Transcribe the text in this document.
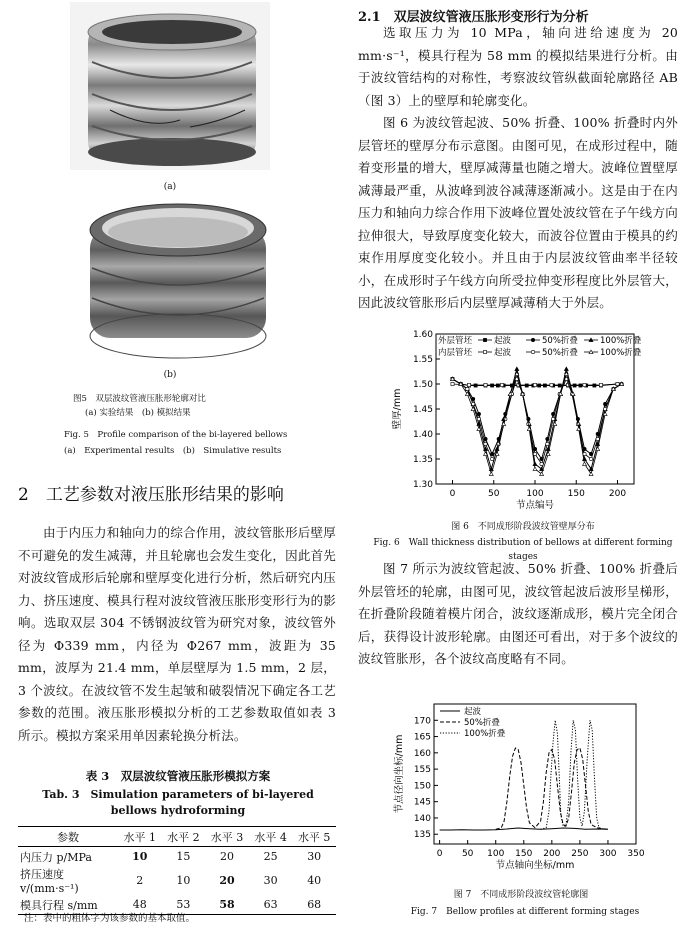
(a)
(b)
图5　双层波纹管液压胀形轮廓对比
(a) 实验结果　(b) 模拟结果
Fig. 5　Profile comparison of the bi-layered bellows
(a)　Experimental results　(b)　Simulative results
2　工艺参数对液压胀形结果的影响
由于内压力和轴向力的综合作用，波纹管胀形后壁厚不可避免的发生减薄，并且轮廓也会发生变化，因此首先对波纹管成形后轮廓和壁厚变化进行分析，然后研究内压力、挤压速度、模具行程对波纹管液压胀形变形行为的影响。选取双层 304 不锈钢波纹管为研究对象，波纹管外径为 Φ339 mm，内径为 Φ267 mm，波距为 35 mm，波厚为 21.4 mm，单层壁厚为 1.5 mm，2 层，3 个波纹。在波纹管不发生起皱和破裂情况下确定各工艺参数的范围。液压胀形模拟分析的工艺参数取值如表 3 所示。模拟方案采用单因素轮换分析法。
表 3　双层波纹管液压胀形模拟方案
Tab. 3　Simulation parameters of bi-layered
bellows hydroforming
参数	水平 1	水平 2	水平 3	水平 4	水平 5
内压力 p/MPa	10	15	20	25	30
挤压速度 v/(mm·s⁻¹)	2	10	20	30	40
模具行程 s/mm	48	53	58	63	68
注：表中的粗体字为该参数的基本取值。
2.1　双层波纹管液压胀形变形行为分析
选取压力为 10 MPa，轴向进给速度为 20 mm·s⁻¹，模具行程为 58 mm 的模拟结果进行分析。由于波纹管结构的对称性，考察波纹管纵截面轮廓路径 AB（图 3）上的壁厚和轮廓变化。
图 6 为波纹管起波、50% 折叠、100% 折叠时内外层管坯的壁厚分布示意图。由图可见，在成形过程中，随着变形量的增大，壁厚减薄量也随之增大。波峰位置壁厚减薄最严重，从波峰到波谷减薄逐渐减小。这是由于在内压力和轴向力综合作用下波峰位置处波纹管在子午线方向拉伸很大，导致厚度变化较大，而波谷位置由于模具的约束作用厚度变化较小。并且由于内层波纹管曲率半径较小，在成形时子午线方向所受拉伸变形程度比外层管大，因此波纹管胀形后内层壁厚减薄稍大于外层。
0	50	100	150	200
1.30
1.35
1.40
1.45
1.50
1.55
1.60
节点编号
壁厚/mm
外层管坯
内层管坯
起波	50%折叠	100%折叠
起波	50%折叠	100%折叠
图 6　不同成形阶段波纹管壁厚分布
Fig. 6　Wall thickness distribution of bellows at different forming stages
图 7 所示为波纹管起波、50% 折叠、100% 折叠后外层管坯的轮廓，由图可见，波纹管起波后波形呈梯形，在折叠阶段随着模片闭合，波纹逐渐成形，模片完全闭合后，获得设计波形轮廓。由图还可看出，对于多个波纹的波纹管胀形，各个波纹高度略有不同。
0 50 100 150 200 250 300 350
135
140
145
150
155
160
165
170
节点轴向坐标/mm
节点径向坐标/mm
起波
50%折叠
100%折叠
图 7　不同成形阶段波纹管轮廓图
Fig. 7　Bellow profiles at different forming stages
